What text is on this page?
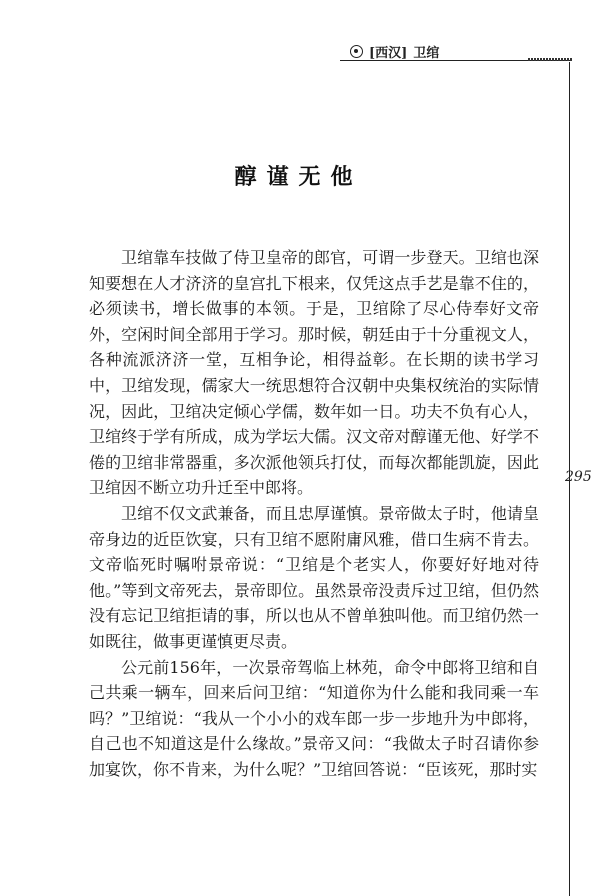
[西汉] 卫绾
醇谨无他

卫绾靠车技做了侍卫皇帝的郎官，可谓一步登天。卫绾也深知要想在人才济济的皇宫扎下根来，仅凭这点手艺是靠不住的，必须读书，增长做事的本领。于是，卫绾除了尽心侍奉好文帝外，空闲时间全部用于学习。那时候，朝廷由于十分重视文人，各种流派济济一堂，互相争论，相得益彰。在长期的读书学习中，卫绾发现，儒家大一统思想符合汉朝中央集权统治的实际情况，因此，卫绾决定倾心学儒，数年如一日。功夫不负有心人，卫绾终于学有所成，成为学坛大儒。汉文帝对醇谨无他、好学不倦的卫绾非常器重，多次派他领兵打仗，而每次都能凯旋，因此卫绾因不断立功升迁至中郎将。

卫绾不仅文武兼备，而且忠厚谨慎。景帝做太子时，他请皇帝身边的近臣饮宴，只有卫绾不愿附庸风雅，借口生病不肯去。文帝临死时嘱咐景帝说：“卫绾是个老实人，你要好好地对待他。”等到文帝死去，景帝即位。虽然景帝没责斥过卫绾，但仍然没有忘记卫绾拒请的事，所以也从不曾单独叫他。而卫绾仍然一如既往，做事更谨慎更尽责。

公元前156年，一次景帝驾临上林苑，命令中郎将卫绾和自己共乘一辆车，回来后问卫绾：“知道你为什么能和我同乘一车吗？”卫绾说：“我从一个小小的戏车郎一步一步地升为中郎将，自己也不知道这是什么缘故。”景帝又问：“我做太子时召请你参加宴饮，你不肯来，为什么呢？”卫绾回答说：“臣该死，那时实

295
